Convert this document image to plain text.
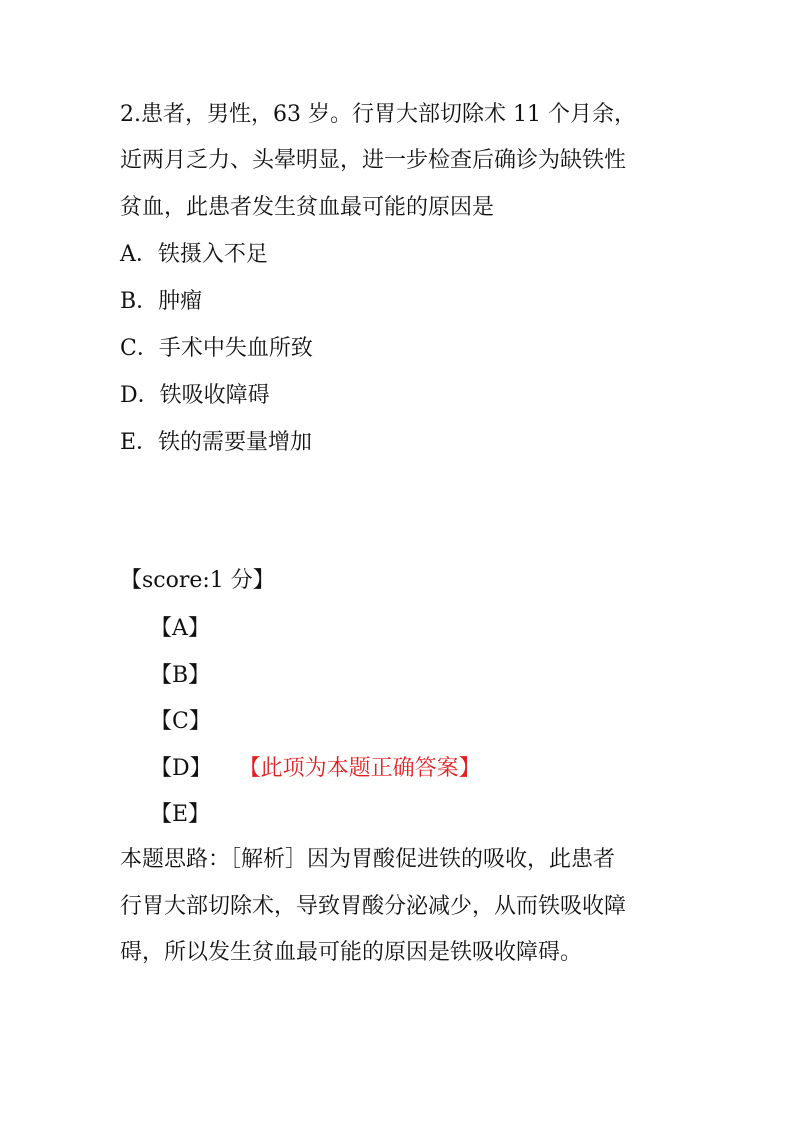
2.患者，男性，63 岁。行胃大部切除术 11 个月余，
近两月乏力、头晕明显，进一步检查后确诊为缺铁性
贫血，此患者发生贫血最可能的原因是
A．铁摄入不足
B．肿瘤
C．手术中失血所致
D．铁吸收障碍
E．铁的需要量增加
【score:1 分】
【A】
【B】
【C】
【D】 【此项为本题正确答案】
【E】
本题思路：［解析］因为胃酸促进铁的吸收，此患者
行胃大部切除术，导致胃酸分泌减少，从而铁吸收障
碍，所以发生贫血最可能的原因是铁吸收障碍。
